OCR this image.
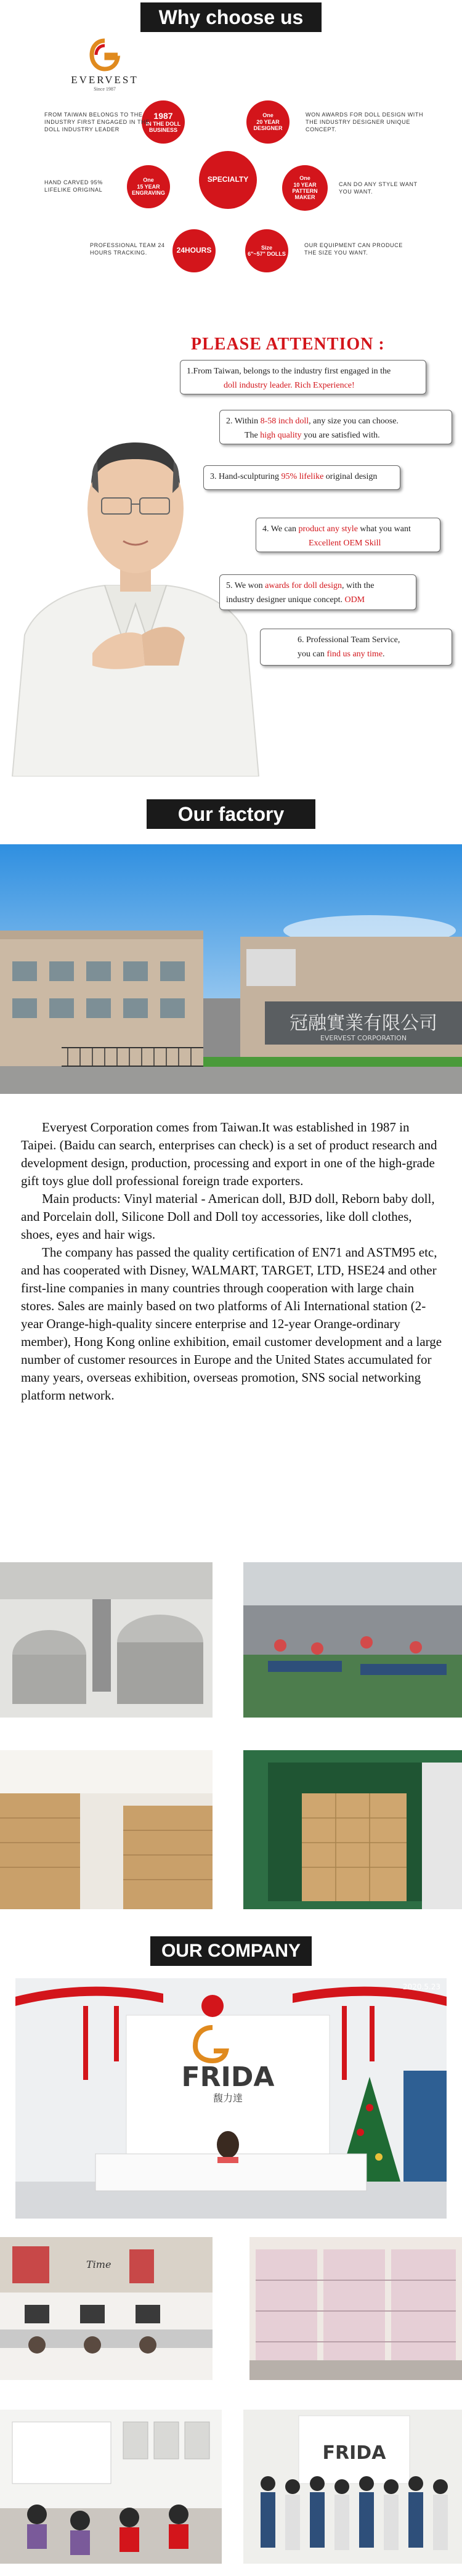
Why choose us
EVERVEST
Since 1987
1987
IN THE DOLL BUSINESS
One
20 YEAR DESIGNER
One
15 YEAR ENGRAVING
SPECIALTY	One
10 YEAR PATTERN MAKER
24HOURS	Size
6"~57" DOLLS
FROM TAIWAN BELONGS TO THE INDUSTRY FIRST ENGAGED IN THE DOLL INDUSTRY LEADER
WON AWARDS FOR DOLL DESIGN WITH THE INDUSTRY DESIGNER UNIQUE CONCEPT.
HAND CARVED 95% LIFELIKE ORIGINAL
CAN DO ANY STYLE WANT YOU WANT.
PROFESSIONAL TEAM 24 HOURS TRACKING.
OUR EQUIPMENT CAN PRODUCE THE SIZE YOU WANT.
PLEASE ATTENTION :
1.From Taiwan, belongs to the industry first engaged in the
doll industry leader. Rich Experience!
2. Within 8-58 inch doll, any size you can choose.
The high quality you are satisfied with.
3. Hand-sculpturing 95% lifelike original design
4. We can product any style what you want
Excellent OEM Skill
5. We won awards for doll design, with the
industry designer unique concept. ODM
6. Professional Team Service,
you can find us any time.
Our factory
冠融實業有限公司
EVERVEST CORPORATION

Everyest Corporation comes from Taiwan.It was established in 1987 in Taipei. (Baidu can search, enterprises can check) is a set of product research and development design, production, processing and export in one of the high-grade gift toys glue doll professional foreign trade exporters.

Main products: Vinyl material - American doll, BJD doll, Reborn baby doll, and Porcelain doll, Silicone Doll and Doll toy accessories, like doll clothes, shoes, eyes and hair wigs.

The company has passed the quality certification of EN71 and ASTM95 etc, and has cooperated with Disney, WALMART, TARGET, LTD, HSE24 and other first-line companies in many countries through cooperation with large chain stores. Sales are mainly based on two platforms of Ali International station (2-year Orange-high-quality sincere enterprise and 12-year Orange-ordinary member), Hong Kong online exhibition, email customer development and a large number of customer resources in Europe and the United States accumulated for many years, overseas exhibition, overseas promotion, SNS social networking platform network.

OUR COMPANY
FRIDA
馥力達
2020.5.23
Time
FRIDA
